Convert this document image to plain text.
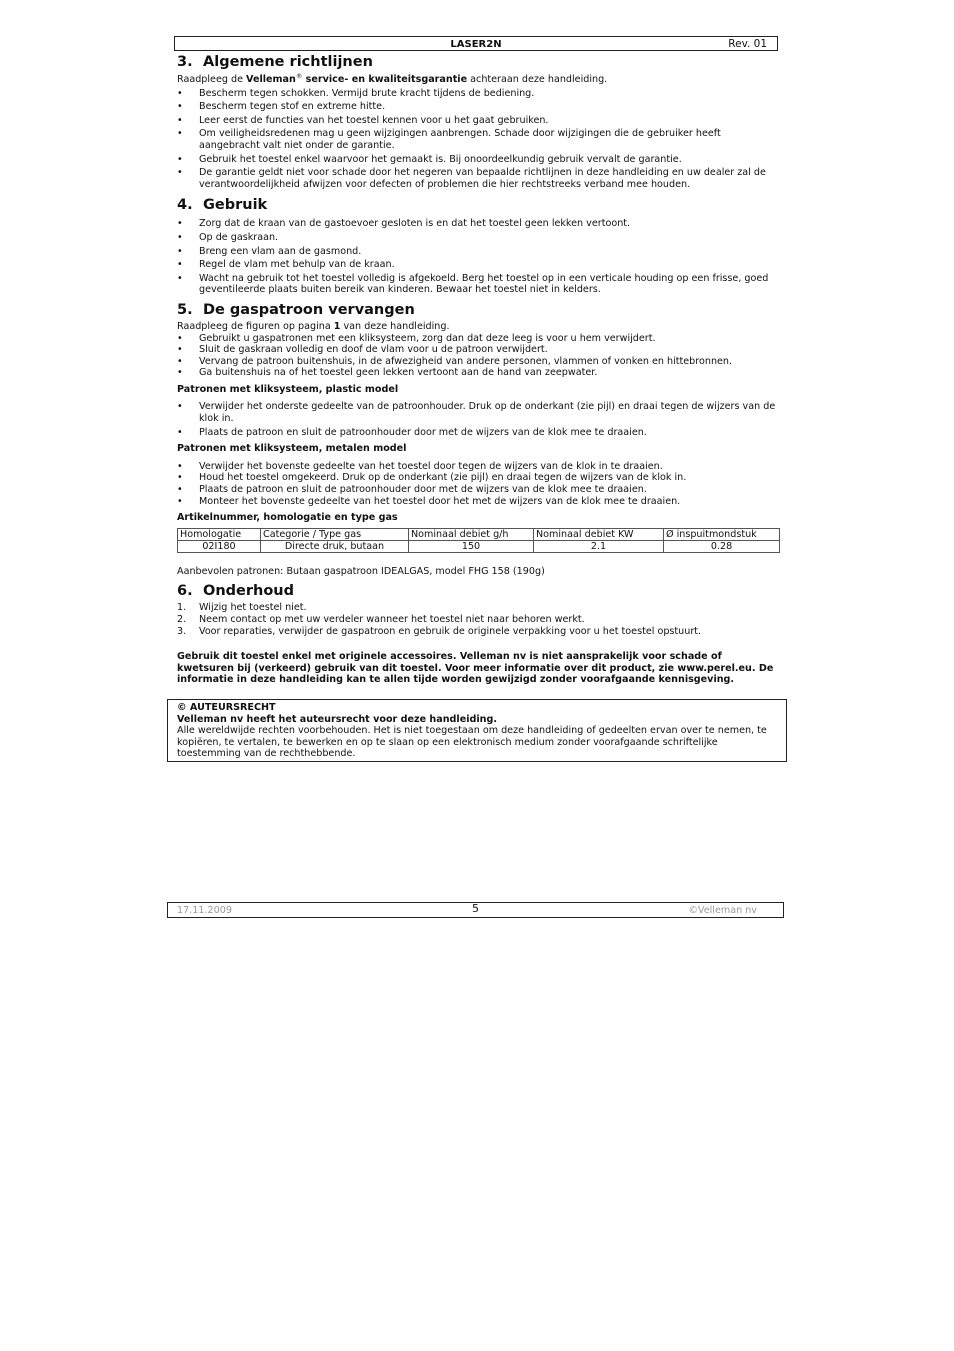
LASER2N	Rev. 01
3. Algemene richtlijnen

Raadpleeg de Velleman® service- en kwaliteitsgarantie achteraan deze handleiding.

• Bescherm tegen schokken. Vermijd brute kracht tijdens de bediening.
• Bescherm tegen stof en extreme hitte.
• Leer eerst de functies van het toestel kennen voor u het gaat gebruiken.
• Om veiligheidsredenen mag u geen wijzigingen aanbrengen. Schade door wijzigingen die de gebruiker heeft aangebracht valt niet onder de garantie.
• Gebruik het toestel enkel waarvoor het gemaakt is. Bij onoordeelkundig gebruik vervalt de garantie.
• De garantie geldt niet voor schade door het negeren van bepaalde richtlijnen in deze handleiding en uw dealer zal de verantwoordelijkheid afwijzen voor defecten of problemen die hier rechtstreeks verband mee houden.
4. Gebruik
• Zorg dat de kraan van de gastoevoer gesloten is en dat het toestel geen lekken vertoont.
• Op de gaskraan.
• Breng een vlam aan de gasmond.
• Regel de vlam met behulp van de kraan.
• Wacht na gebruik tot het toestel volledig is afgekoeld. Berg het toestel op in een verticale houding op een frisse, goed geventileerde plaats buiten bereik van kinderen. Bewaar het toestel niet in kelders.
5. De gaspatroon vervangen

Raadpleeg de figuren op pagina 1 van deze handleiding.

• Gebruikt u gaspatronen met een kliksysteem, zorg dan dat deze leeg is voor u hem verwijdert.
• Sluit de gaskraan volledig en doof de vlam voor u de patroon verwijdert.
• Vervang de patroon buitenshuis, in de afwezigheid van andere personen, vlammen of vonken en hittebronnen.
• Ga buitenshuis na of het toestel geen lekken vertoont aan de hand van zeepwater.

Patronen met kliksysteem, plastic model

• Verwijder het onderste gedeelte van de patroonhouder. Druk op de onderkant (zie pijl) en draai tegen de wijzers van de klok in.
• Plaats de patroon en sluit de patroonhouder door met de wijzers van de klok mee te draaien.

Patronen met kliksysteem, metalen model

• Verwijder het bovenste gedeelte van het toestel door tegen de wijzers van de klok in te draaien.
• Houd het toestel omgekeerd. Druk op de onderkant (zie pijl) en draai tegen de wijzers van de klok in.
• Plaats de patroon en sluit de patroonhouder door met de wijzers van de klok mee te draaien.
• Monteer het bovenste gedeelte van het toestel door het met de wijzers van de klok mee te draaien.

Artikelnummer, homologatie en type gas

Homologatie	Categorie / Type gas	Nominaal debiet g/h	Nominaal debiet KW	Ø inspuitmondstuk
02I180	Directe druk, butaan	150	2.1	0.28

Aanbevolen patronen: Butaan gaspatroon IDEALGAS, model FHG 158 (190g)

6. Onderhoud
1. Wijzig het toestel niet.
2. Neem contact op met uw verdeler wanneer het toestel niet naar behoren werkt.
3. Voor reparaties, verwijder de gaspatroon en gebruik de originele verpakking voor u het toestel opstuurt.

Gebruik dit toestel enkel met originele accessoires. Velleman nv is niet aansprakelijk voor schade of kwetsuren bij (verkeerd) gebruik van dit toestel. Voor meer informatie over dit product, zie www.perel.eu. De informatie in deze handleiding kan te allen tijde worden gewijzigd zonder voorafgaande kennisgeving.

© AUTEURSRECHT
Velleman nv heeft het auteursrecht voor deze handleiding.
Alle wereldwijde rechten voorbehouden. Het is niet toegestaan om deze handleiding of gedeelten ervan over te nemen, te kopiëren, te vertalen, te bewerken en op te slaan op een elektronisch medium zonder voorafgaande schriftelijke toestemming van de rechthebbende.
17.11.2009	5	©Velleman nv
